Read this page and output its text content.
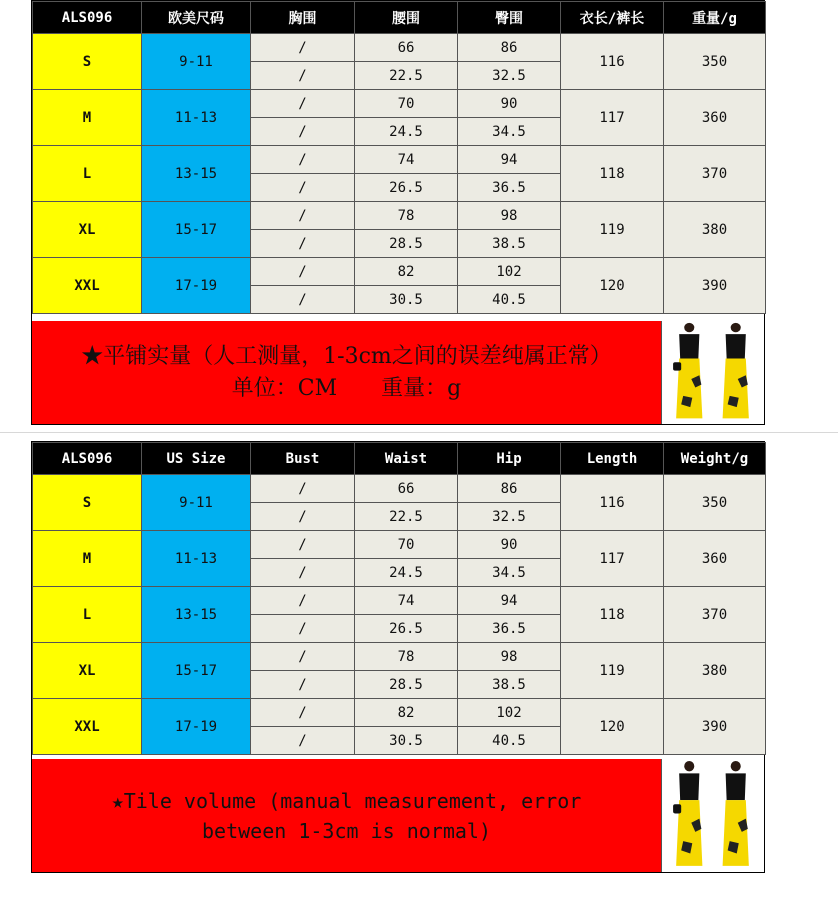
ALS096	欧美尺码	胸围	腰围	臀围	衣长/裤长	重量/g
S	9-11	/	66	86	116	350
		/	22.5	32.5		
M	11-13	/	70	90	117	360
		/	24.5	34.5		
L	13-15	/	74	94	118	370
		/	26.5	36.5		
XL	15-17	/	78	98	119	380
		/	28.5	38.5		
XXL	17-19	/	82	102	120	390
		/	30.5	40.5		
★平铺实量（人工测量，1-3cm之间的误差纯属正常）
单位：CM　　重量：g
ALS096	US Size	Bust	Waist	Hip	Length	Weight/g
S	9-11	/	66	86	116	350
		/	22.5	32.5		
M	11-13	/	70	90	117	360
		/	24.5	34.5		
L	13-15	/	74	94	118	370
		/	26.5	36.5		
XL	15-17	/	78	98	119	380
		/	28.5	38.5		
XXL	17-19	/	82	102	120	390
		/	30.5	40.5		
★Tile volume (manual measurement, error
between 1-3cm is normal)
